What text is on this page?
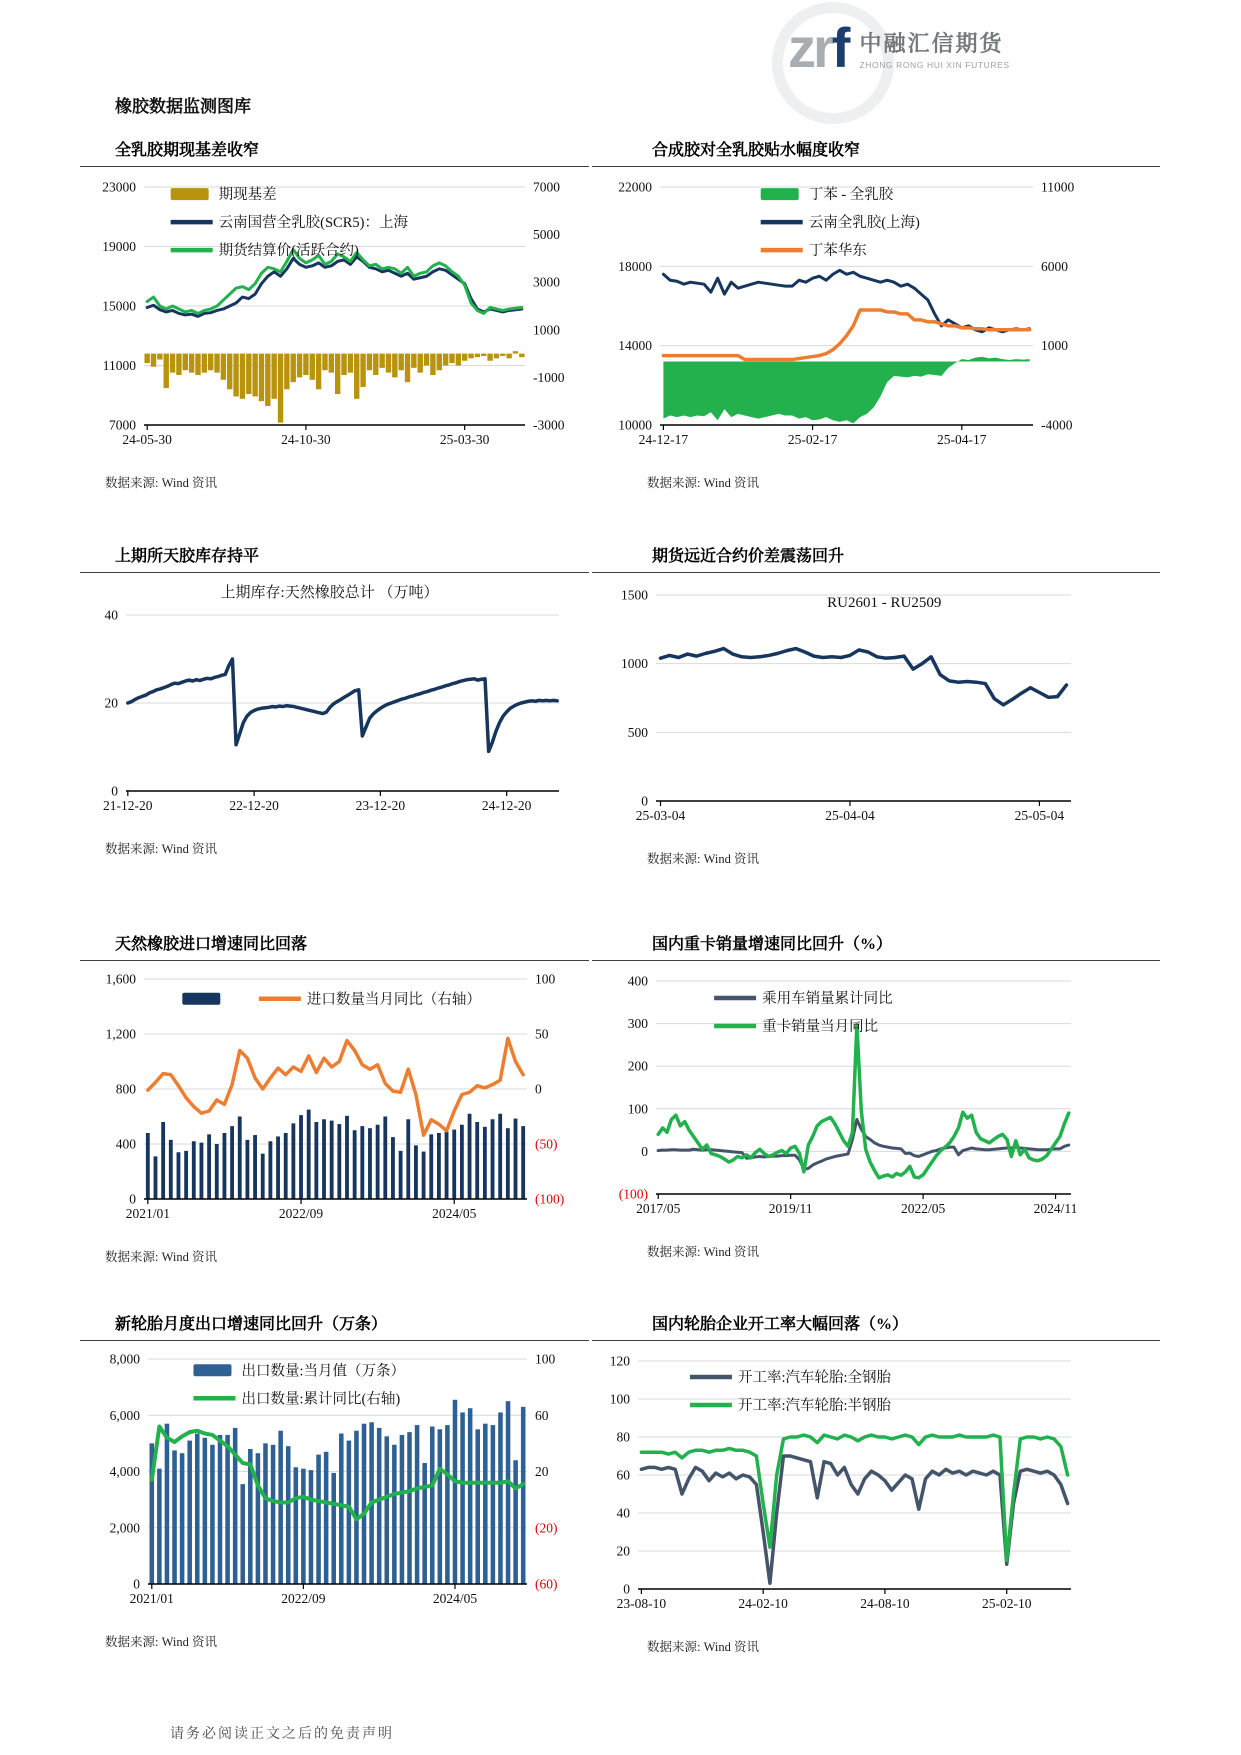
橡胶数据监测图库
zrf 中融汇信期货
ZHONG RONG HUI XIN FUTURES
全乳胶期现基差收窄
23000
19000
15000
11000
7000
7000
5000
3000
1000
-1000
-3000
24-05-30	24-10-30	25-03-30
期现基差
云南国营全乳胶(SCR5)：上海
期货结算价(活跃合约)
数据来源: Wind 资讯
合成胶对全乳胶贴水幅度收窄
22000
18000
14000
10000
11000
6000
1000
-4000
24-12-17	25-02-17	25-04-17
丁苯 - 全乳胶
云南全乳胶(上海)
丁苯华东
数据来源: Wind 资讯
上期所天胶库存持平
40
20
0
21-12-20	22-12-20	23-12-20	24-12-20
上期库存:天然橡胶总计 （万吨）
数据来源: Wind 资讯
期货远近合约价差震荡回升
1500
1000
500
0
25-03-04	25-04-04	25-05-04
RU2601 - RU2509
数据来源: Wind 资讯
天然橡胶进口增速同比回落
1,600
1,200
800
400
0
100
50
0
(50)
(100)
2021/01	2022/09	2024/05
进口数量当月同比（右轴）
数据来源: Wind 资讯
国内重卡销量增速同比回升（%）
400
300
200
100
0
(100)
2017/05	2019/11	2022/05	2024/11
乘用车销量累计同比
重卡销量当月同比
数据来源: Wind 资讯
新轮胎月度出口增速同比回升（万条）
8,000
6,000
4,000
2,000
0
100
60
20
(20)
(60)
2021/01	2022/09	2024/05
出口数量:当月值（万条）
出口数量:累计同比(右轴)
数据来源: Wind 资讯
国内轮胎企业开工率大幅回落（%）
120
100
80
60
40
20
0
23-08-10	24-02-10	24-08-10	25-02-10
开工率:汽车轮胎:全钢胎
开工率:汽车轮胎:半钢胎
数据来源: Wind 资讯
请务必阅读正文之后的免责声明
